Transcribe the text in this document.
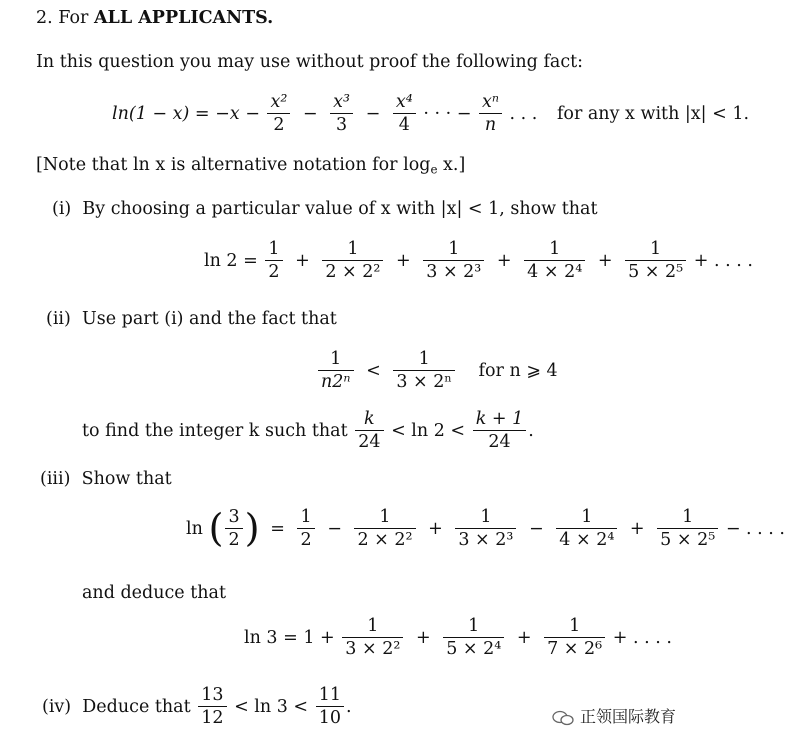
2. For ALL APPLICANTS.
In this question you may use without proof the following fact:
$\ln(1 - x) = -x - \frac{\text{x²}}{2} - \frac{\text{x³}}{3} - \frac{\text{x⁴}}{4}$ · · · − $\frac{\text{xⁿ}}{n}$ . . . for any x with |x| < 1.
[Note that ln x is alternative notation for $\log_e x$.]
(i) By choosing a particular value of x with |x| < 1, show that
$\ln 2 = \frac{1}{2} + \frac{1}{\text{2 × 2²}} + \frac{1}{\text{3 × 2³}} + \frac{1}{\text{4 × 2⁴}} + \frac{1}{\text{5 × 2⁵}}$ + . . . .
(ii) Use part (i) and the fact that
$\frac{1}{\text{n2ⁿ}} < \frac{1}{\text{3 × 2ⁿ}}$ for n ⩾ 4
to find the integer k such that $\frac{k}{24} < \ln 2 < \frac{k + 1}{24}$ .
(iii) Show that
ln ( $\frac{3}{2}$ ) = $\frac{1}{2} - \frac{1}{\text{2 × 2²}} + \frac{1}{\text{3 × 2³}} - \frac{1}{\text{4 × 2⁴}} + \frac{1}{\text{5 × 2⁵}}$ − . . . .
and deduce that
$\ln 3 = 1 + \frac{1}{\text{3 × 2²}} + \frac{1}{\text{5 × 2⁴}} + \frac{1}{\text{7 × 2⁶}}$ + . . . .
(iv) Deduce that $\frac{13}{12} < \ln 3 < \frac{11}{10}$ .	正领国际教育
